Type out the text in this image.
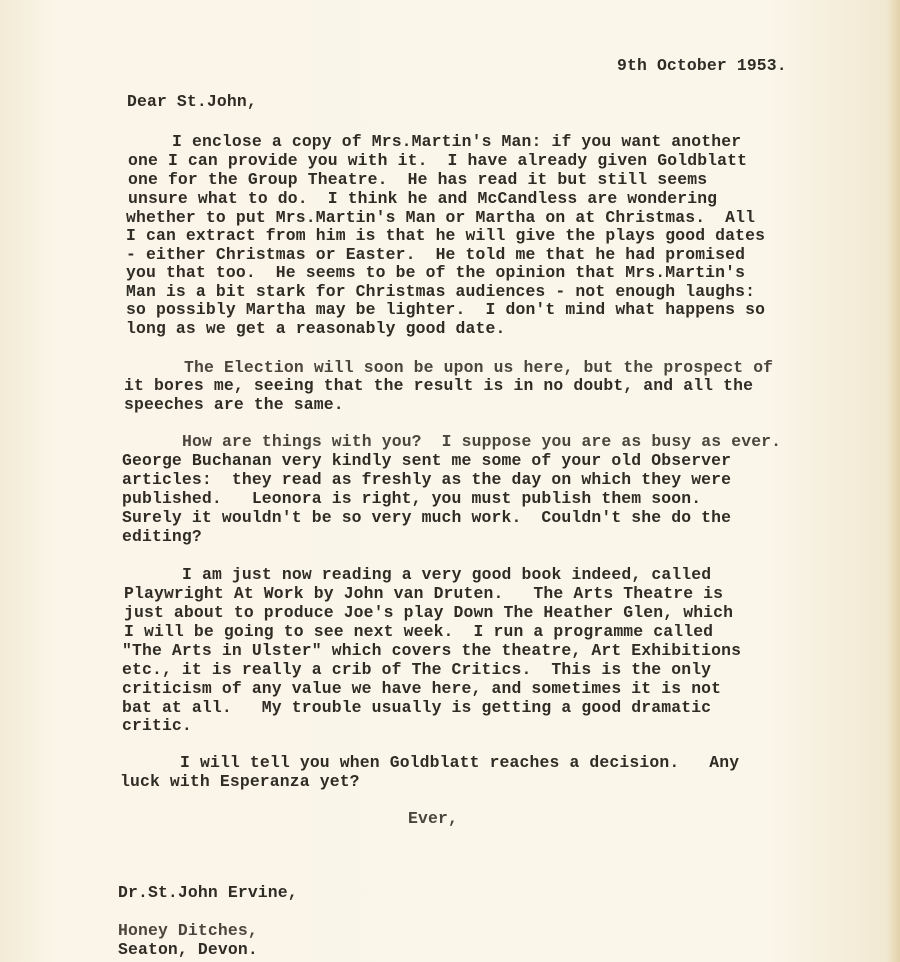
9th October 1953.
Dear St.John,
I enclose a copy of Mrs.Martin's Man: if you want another
one I can provide you with it.  I have already given Goldblatt
one for the Group Theatre.  He has read it but still seems
unsure what to do.  I think he and McCandless are wondering
whether to put Mrs.Martin's Man or Martha on at Christmas.  All
I can extract from him is that he will give the plays good dates
- either Christmas or Easter.  He told me that he had promised
you that too.  He seems to be of the opinion that Mrs.Martin's
Man is a bit stark for Christmas audiences - not enough laughs:
so possibly Martha may be lighter.  I don't mind what happens so
long as we get a reasonably good date.
The Election will soon be upon us here, but the prospect of
it bores me, seeing that the result is in no doubt, and all the
speeches are the same.
How are things with you?  I suppose you are as busy as ever.
George Buchanan very kindly sent me some of your old Observer
articles:  they read as freshly as the day on which they were
published.   Leonora is right, you must publish them soon.
Surely it wouldn't be so very much work.  Couldn't she do the
editing?
I am just now reading a very good book indeed, called
Playwright At Work by John van Druten.   The Arts Theatre is
just about to produce Joe's play Down The Heather Glen, which
I will be going to see next week.  I run a programme called
"The Arts in Ulster" which covers the theatre, Art Exhibitions
etc., it is really a crib of The Critics.  This is the only
criticism of any value we have here, and sometimes it is not
bat at all.   My trouble usually is getting a good dramatic
critic.
I will tell you when Goldblatt reaches a decision.   Any
luck with Esperanza yet?
Ever,
Dr.St.John Ervine,
Honey Ditches,
Seaton, Devon.
